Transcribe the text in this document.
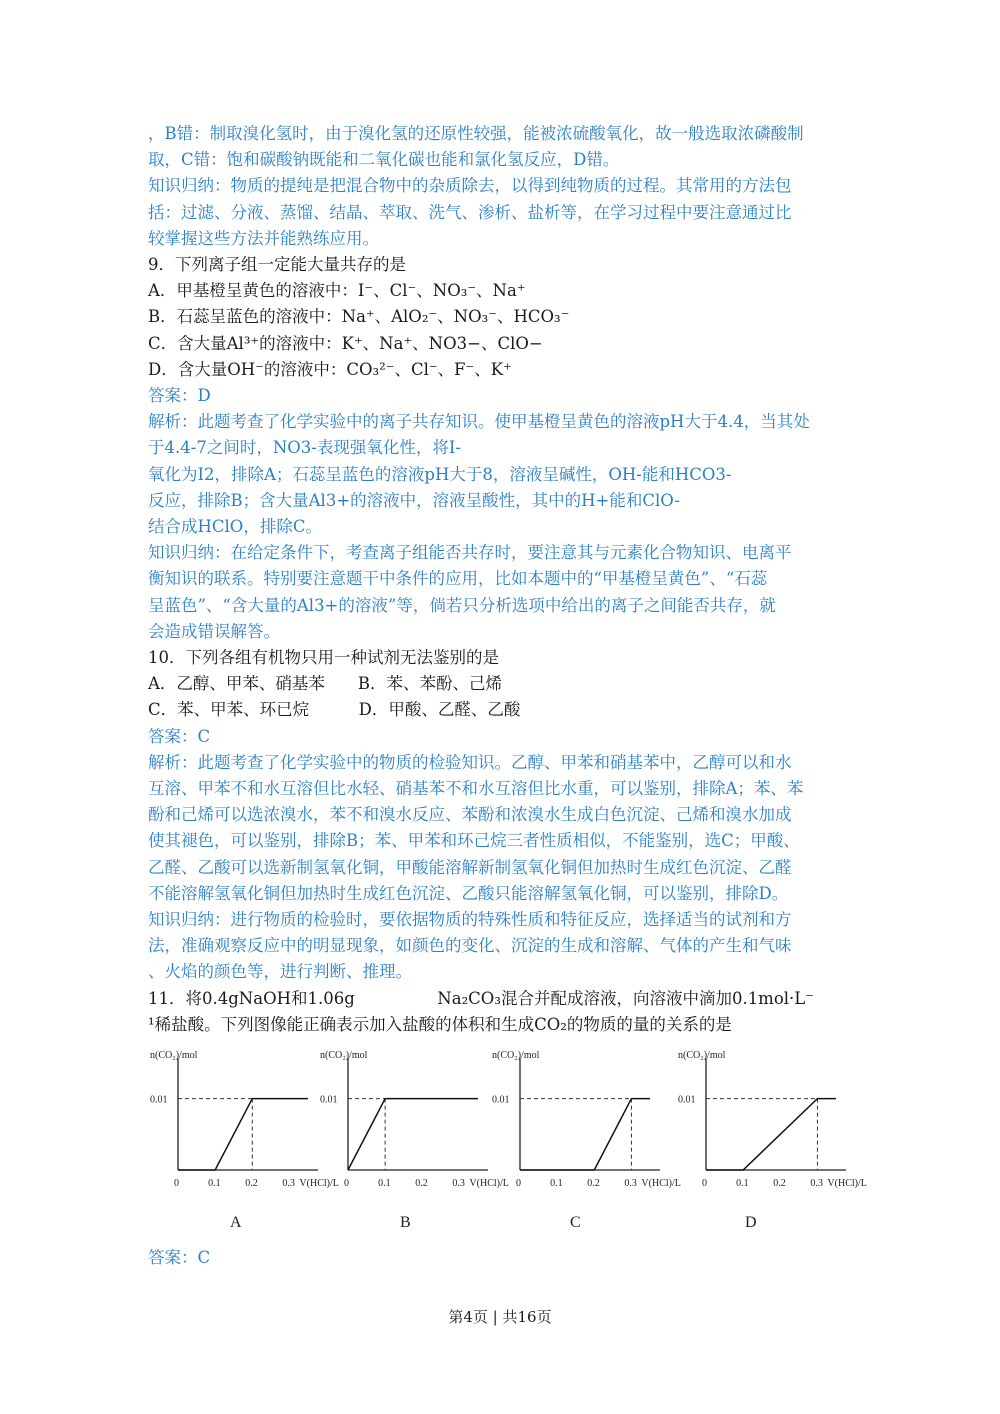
，B错：制取溴化氢时，由于溴化氢的还原性较强，能被浓硫酸氧化，故一般选取浓磷酸制
取，C错：饱和碳酸钠既能和二氧化碳也能和氯化氢反应，D错。
知识归纳：物质的提纯是把混合物中的杂质除去，以得到纯物质的过程。其常用的方法包
括：过滤、分液、蒸馏、结晶、萃取、洗气、渗析、盐析等，在学习过程中要注意通过比
较掌握这些方法并能熟练应用。
9．下列离子组一定能大量共存的是
A．甲基橙呈黄色的溶液中：I⁻、Cl⁻、NO₃⁻、Na⁺
B．石蕊呈蓝色的溶液中：Na⁺、AlO₂⁻、NO₃⁻、HCO₃⁻
C．含大量Al³⁺的溶液中：K⁺、Na⁺、NO3−、ClO−
D．含大量OH⁻的溶液中：CO₃²⁻、Cl⁻、F⁻、K⁺
答案：D
解析：此题考查了化学实验中的离子共存知识。使甲基橙呈黄色的溶液pH大于4.4，当其处
于4.4-7之间时，NO3-表现强氧化性，将I-
氧化为I2，排除A；石蕊呈蓝色的溶液pH大于8，溶液呈碱性，OH-能和HCO3-
反应，排除B；含大量Al3+的溶液中，溶液呈酸性，其中的H+能和ClO-
结合成HClO，排除C。
知识归纳：在给定条件下，考查离子组能否共存时，要注意其与元素化合物知识、电离平
衡知识的联系。特别要注意题干中条件的应用，比如本题中的“甲基橙呈黄色”、“石蕊
呈蓝色”、“含大量的Al3+的溶液”等，倘若只分析选项中给出的离子之间能否共存，就
会造成错误解答。
10．下列各组有机物只用一种试剂无法鉴别的是
A．乙醇、甲苯、硝基苯　　B．苯、苯酚、己烯
C．苯、甲苯、环已烷　　　D．甲酸、乙醛、乙酸
答案：C
解析：此题考查了化学实验中的物质的检验知识。乙醇、甲苯和硝基苯中，乙醇可以和水
互溶、甲苯不和水互溶但比水轻、硝基苯不和水互溶但比水重，可以鉴别，排除A；苯、苯
酚和己烯可以选浓溴水，苯不和溴水反应、苯酚和浓溴水生成白色沉淀、己烯和溴水加成
使其褪色，可以鉴别，排除B；苯、甲苯和环己烷三者性质相似，不能鉴别，选C；甲酸、
乙醛、乙酸可以选新制氢氧化铜，甲酸能溶解新制氢氧化铜但加热时生成红色沉淀、乙醛
不能溶解氢氧化铜但加热时生成红色沉淀、乙酸只能溶解氢氧化铜，可以鉴别，排除D。
知识归纳：进行物质的检验时，要依据物质的特殊性质和特征反应，选择适当的试剂和方
法，准确观察反应中的明显现象，如颜色的变化、沉淀的生成和溶解、气体的产生和气味
、火焰的颜色等，进行判断、推理。
11．将0.4gNaOH和1.06g　　　　　Na₂CO₃混合并配成溶液，向溶液中滴加0.1mol·L⁻
¹稀盐酸。下列图像能正确表示加入盐酸的体积和生成CO₂的物质的量的关系的是
n(CO₂)/mol
V(HCl)/L
0	0.1 0.2 0.3
0.01
n(CO₂)/mol
V(HCl)/L
0	0.1 0.2 0.3
0.01
n(CO₂)/mol
V(HCl)/L
0	0.1 0.2 0.3
0.01
n(CO₂)/mol
V(HCl)/L
0	0.1 0.2 0.3
0.01
A	B	C	D
答案：C
第4页 | 共16页
